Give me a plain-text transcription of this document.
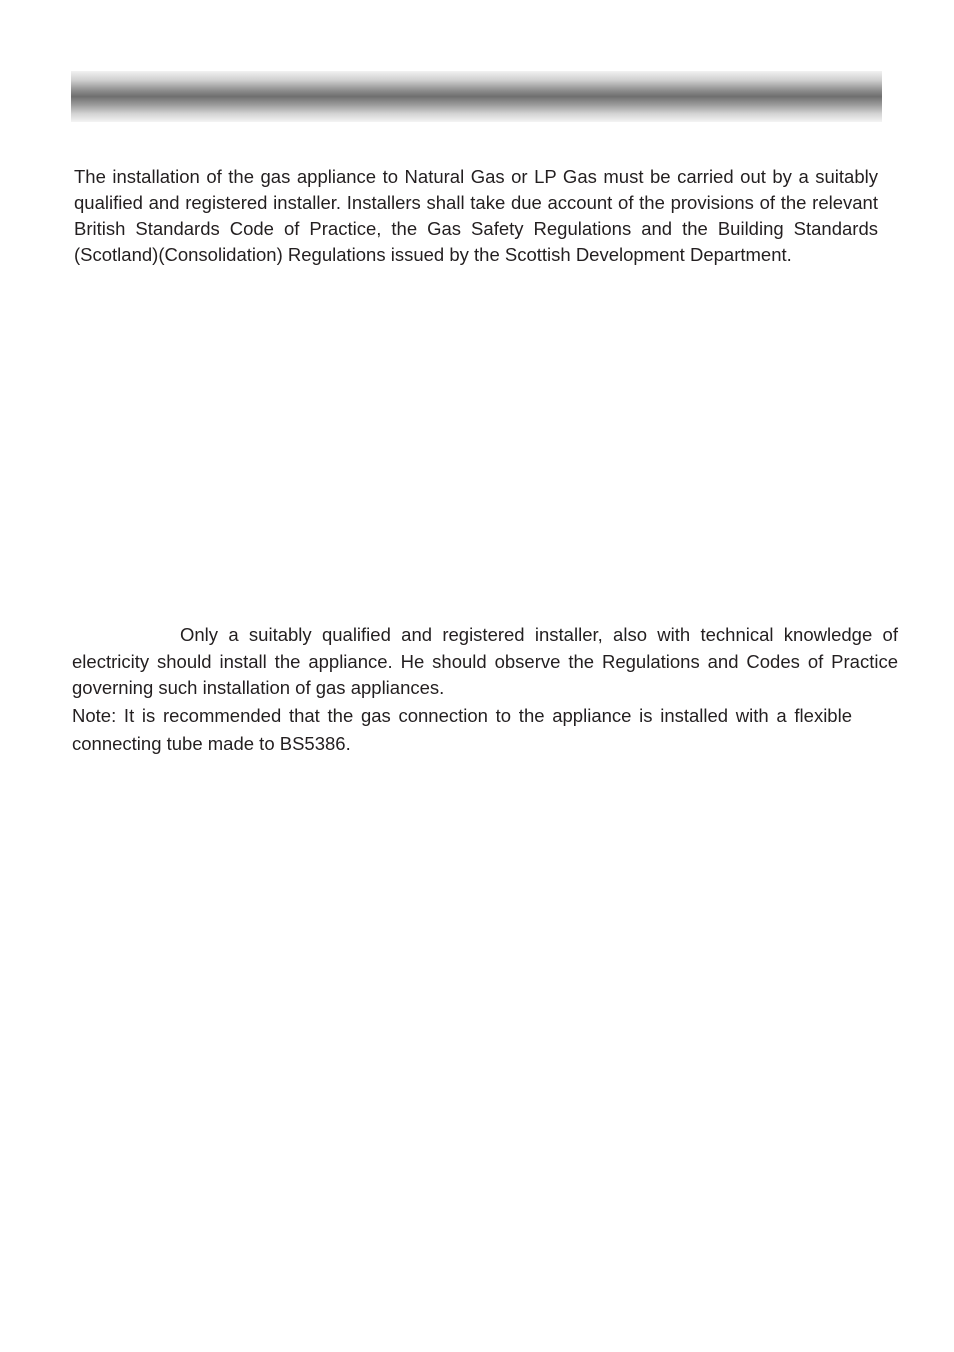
The installation of the gas appliance to Natural Gas or LP Gas must be carried out by a suitably qualified and registered installer. Installers shall take due account of the provisions of the relevant British Standards Code of Practice, the Gas Safety Regulations and the Building Standards (Scotland)(Consolidation) Regulations issued by the Scottish Development Department.

Only a suitably qualified and registered installer, also with technical knowledge of electricity should install the appliance. He should observe the Regulations and Codes of Practice governing such installation of gas appliances.

Note: It is recommended that the gas connection to the appliance is installed with a flexible connecting tube made to BS5386.
